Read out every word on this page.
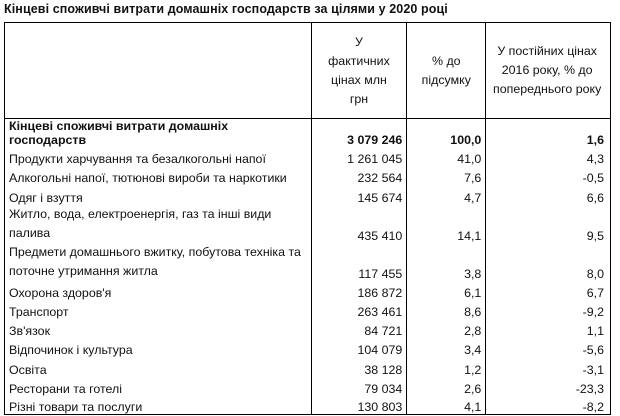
Кінцеві споживчі витрати домашніх господарств за цілями у 2020 році

	У фактичних цінах млн грн	% до підсумку	У постійних цінах 2016 року, % до попереднього року

Кінцеві споживчі витрати домашніх господарств	3 079 246	100,0	1,6
Продукти харчування та безалкогольні напої	1 261 045	41,0	4,3
Алкогольні напої, тютюнові вироби та наркотики	232 564	7,6	-0,5
Одяг і взуття	145 674	4,7	6,6
Житло, вода, електроенергія, газ та інші види палива	435 410	14,1	9,5
Предмети домашнього вжитку, побутова техніка та поточне утримання житла	117 455	3,8	8,0
Охорона здоров'я	186 872	6,1	6,7
Транспорт	263 461	8,6	-9,2
Зв'язок	84 721	2,8	1,1
Відпочинок і культура	104 079	3,4	-5,6
Освіта	38 128	1,2	-3,1
Ресторани та готелі	79 034	2,6	-23,3
Різні товари та послуги	130 803	4,1	-8,2
